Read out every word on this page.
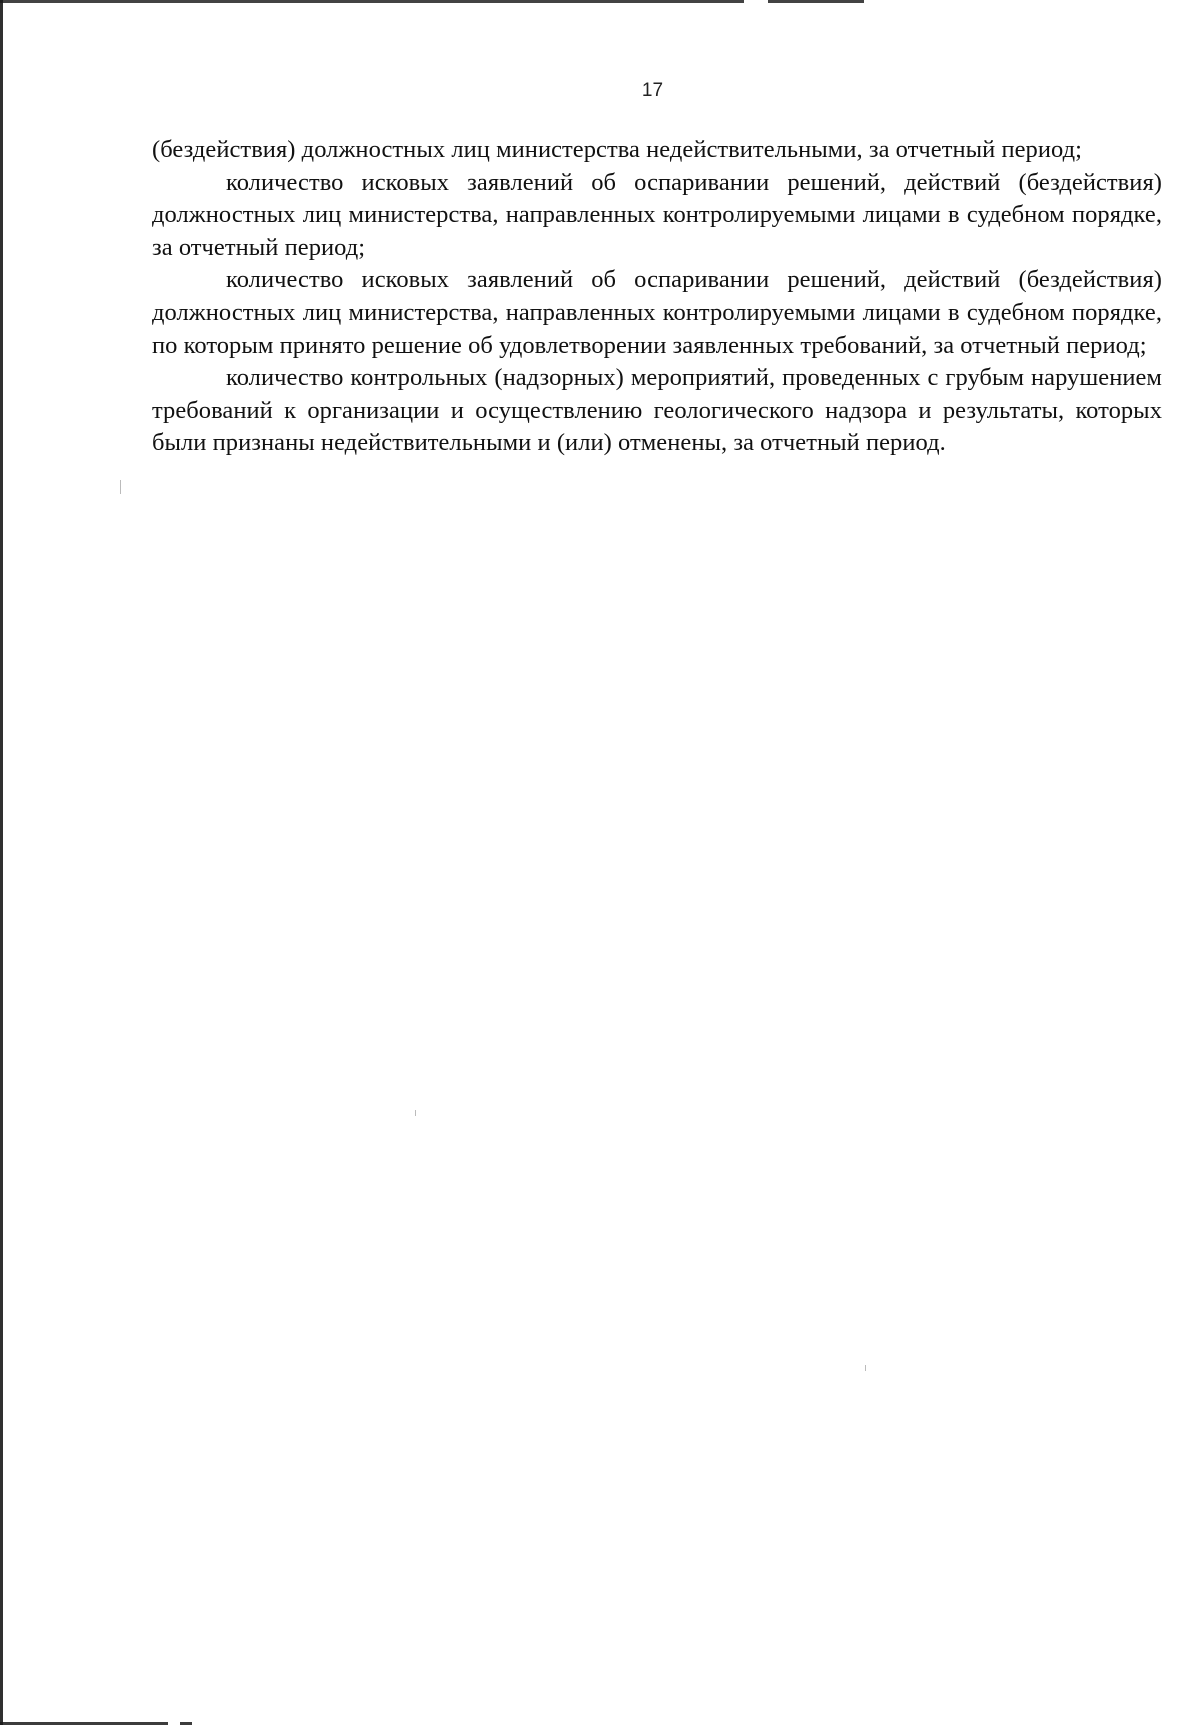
17

(бездействия) должностных лиц министерства недействительными, за отчетный период;

количество исковых заявлений об оспаривании решений, действий (бездействия) должностных лиц министерства, направленных контролируемыми лицами в судебном порядке, за отчетный период;

количество исковых заявлений об оспаривании решений, действий (бездействия) должностных лиц министерства, направленных контролируемыми лицами в судебном порядке, по которым принято решение об удовлетворении заявленных требований, за отчетный период;

количество контрольных (надзорных) мероприятий, проведенных с грубым нарушением требований к организации и осуществлению геологического надзора и результаты, которых были признаны недействительными и (или) отменены, за отчетный период.
